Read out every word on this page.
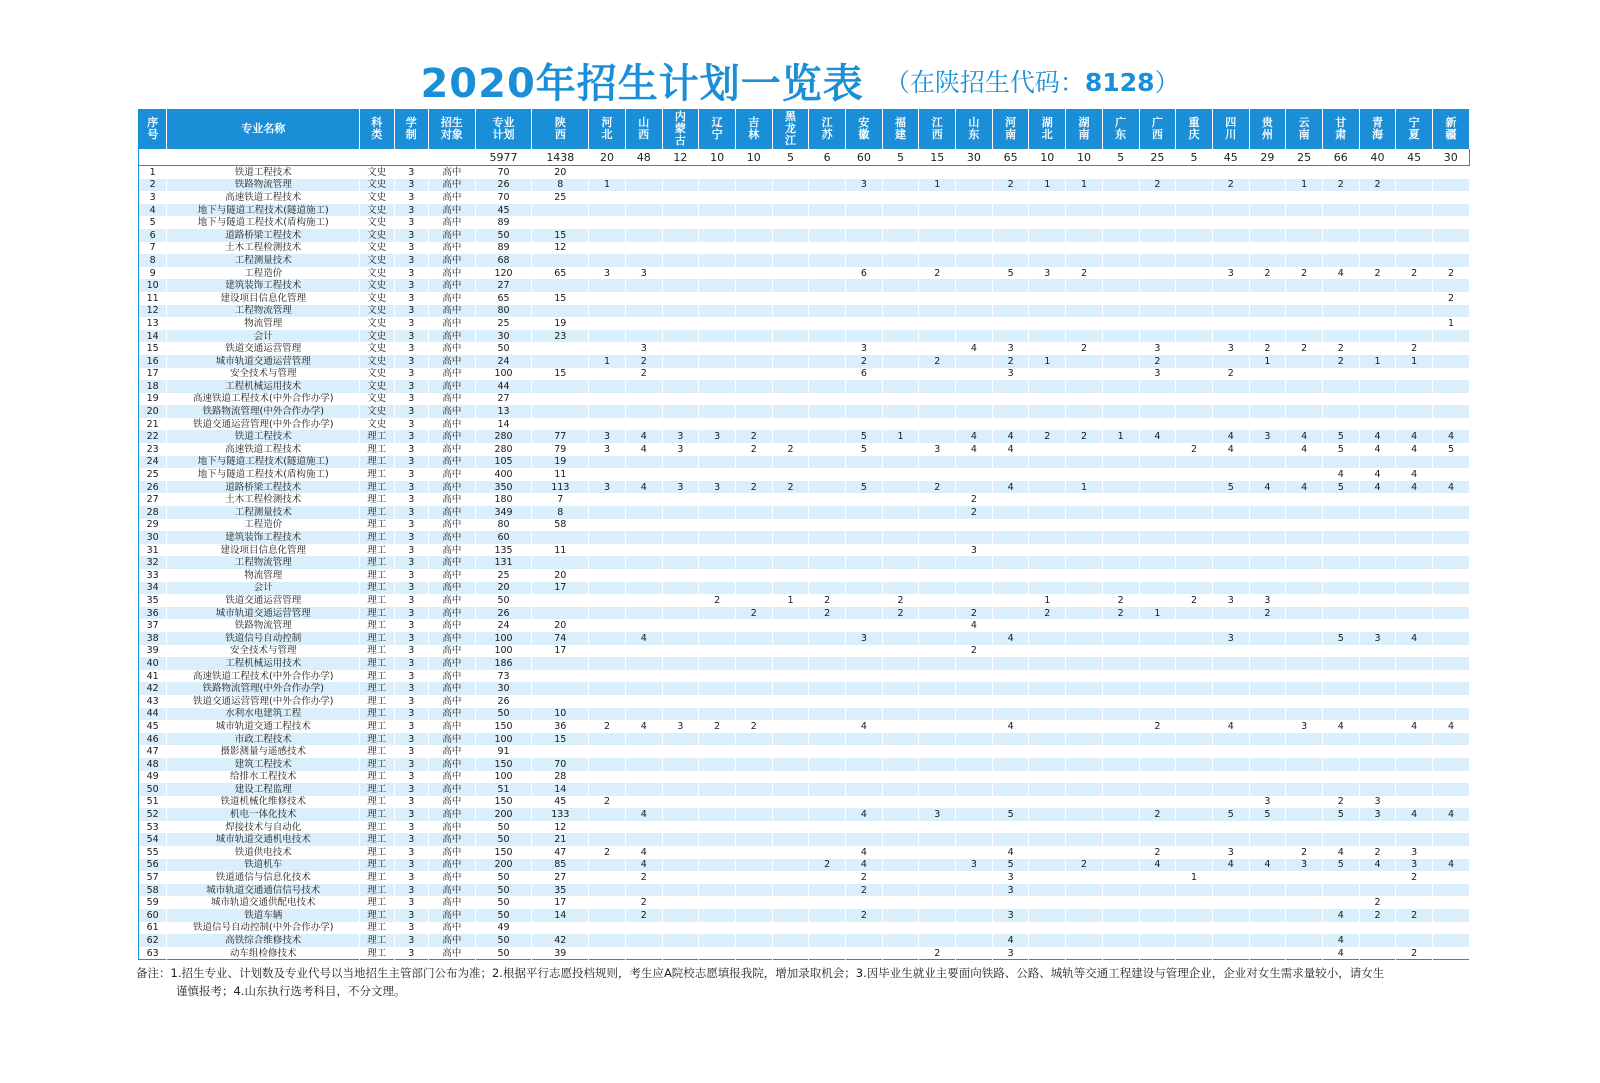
2020年招生计划一览表 （在陕招生代码：8128）
序号	专业名称	科类	学制	招生对象	专业计划	陕西	河北	山西	内蒙古	辽宁	吉林	黑龙江	江苏	安徽	福建	江西	山东	河南	湖北	湖南	广东	广西	重庆	四川	贵州	云南	甘肃	青海	宁夏	新疆
					5977	1438	20	48	12	10	10	5	6	60	5	15	30	65	10	10	5	25	5	45	29	25	66	40	45	30
1	铁道工程技术	文史	3	高中	70	20																								
2	铁路物流管理	文史	3	高中	26	8	1							3		1		2	1	1		2		2		1	2	2		
3	高速铁道工程技术	文史	3	高中	70	25																								
4	地下与隧道工程技术(隧道施工)	文史	3	高中	45																									
5	地下与隧道工程技术(盾构施工)	文史	3	高中	89																									
6	道路桥梁工程技术	文史	3	高中	50	15																								
7	土木工程检测技术	文史	3	高中	89	12																								
8	工程测量技术	文史	3	高中	68																									
9	工程造价	文史	3	高中	120	65	3	3						6		2		5	3	2				3	2	2	4	2	2	2
10	建筑装饰工程技术	文史	3	高中	27																									
11	建设项目信息化管理	文史	3	高中	65	15																								2
12	工程物流管理	文史	3	高中	80																									
13	物流管理	文史	3	高中	25	19																								1
14	会计	文史	3	高中	30	23																								
15	铁道交通运营管理	文史	3	高中	50			3						3			4	3		2		3		3	2	2	2		2	
16	城市轨道交通运营管理	文史	3	高中	24		1	2						2		2		2	1			2			1		2	1	1	
17	安全技术与管理	文史	3	高中	100	15		2						6				3				3		2						
18	工程机械运用技术	文史	3	高中	44																									
19	高速铁道工程技术(中外合作办学)	文史	3	高中	27																									
20	铁路物流管理(中外合作办学)	文史	3	高中	13																									
21	铁道交通运营管理(中外合作办学)	文史	3	高中	14																									
22	铁道工程技术	理工	3	高中	280	77	3	4	3	3	2			5	1		4	4	2	2	1	4		4	3	4	5	4	4	4
23	高速铁道工程技术	理工	3	高中	280	79	3	4	3		2	2		5		3	4	4					2	4		4	5	4	4	5
24	地下与隧道工程技术(隧道施工)	理工	3	高中	105	19																								
25	地下与隧道工程技术(盾构施工)	理工	3	高中	400	11																					4	4	4	
26	道路桥梁工程技术	理工	3	高中	350	113	3	4	3	3	2	2		5		2		4		1				5	4	4	5	4	4	4
27	土木工程检测技术	理工	3	高中	180	7											2													
28	工程测量技术	理工	3	高中	349	8											2													
29	工程造价	理工	3	高中	80	58																								
30	建筑装饰工程技术	理工	3	高中	60																									
31	建设项目信息化管理	理工	3	高中	135	11											3													
32	工程物流管理	理工	3	高中	131																									
33	物流管理	理工	3	高中	25	20																								
34	会计	理工	3	高中	20	17																								
35	铁道交通运营管理	理工	3	高中	50					2		1	2		2				1		2		2	3	3					
36	城市轨道交通运营管理	理工	3	高中	26						2		2		2		2		2		2	1			2					
37	铁路物流管理	理工	3	高中	24	20											4													
38	铁道信号自动控制	理工	3	高中	100	74		4						3				4						3			5	3	4	
39	安全技术与管理	理工	3	高中	100	17											2													
40	工程机械运用技术	理工	3	高中	186																									
41	高速铁道工程技术(中外合作办学)	理工	3	高中	73																									
42	铁路物流管理(中外合作办学)	理工	3	高中	30																									
43	铁道交通运营管理(中外合作办学)	理工	3	高中	26																									
44	水利水电建筑工程	理工	3	高中	50	10																								
45	城市轨道交通工程技术	理工	3	高中	150	36	2	4	3	2	2			4				4				2		4		3	4		4	4
46	市政工程技术	理工	3	高中	100	15																								
47	摄影测量与遥感技术	理工	3	高中	91																									
48	建筑工程技术	理工	3	高中	150	70																								
49	给排水工程技术	理工	3	高中	100	28																								
50	建设工程监理	理工	3	高中	51	14																								
51	铁道机械化维修技术	理工	3	高中	150	45	2																		3		2	3		
52	机电一体化技术	理工	3	高中	200	133		4						4		3		5				2		5	5		5	3	4	4
53	焊接技术与自动化	理工	3	高中	50	12																								
54	城市轨道交通机电技术	理工	3	高中	50	21																								
55	铁道供电技术	理工	3	高中	150	47	2	4						4				4				2		3		2	4	2	3	
56	铁道机车	理工	3	高中	200	85		4					2	4			3	5		2		4		4	4	3	5	4	3	4
57	铁道通信与信息化技术	理工	3	高中	50	27		2						2				3					1						2	
58	城市轨道交通通信信号技术	理工	3	高中	50	35								2				3												
59	城市轨道交通供配电技术	理工	3	高中	50	17		2																				2		
60	铁道车辆	理工	3	高中	50	14		2						2				3									4	2	2	
61	铁道信号自动控制(中外合作办学)	理工	3	高中	49																									
62	高铁综合维修技术	理工	3	高中	50	42												4									4			
63	动车组检修技术	理工	3	高中	50	39										2		3									4		2	
备注：1.招生专业、计划数及专业代号以当地招生主管部门公布为准；2.根据平行志愿投档规则，考生应A院校志愿填报我院，增加录取机会；3.因毕业生就业主要面向铁路、公路、城轨等交通工程建设与管理企业，企业对女生需求量较小，请女生
谨慎报考；4.山东执行选考科目，不分文理。
